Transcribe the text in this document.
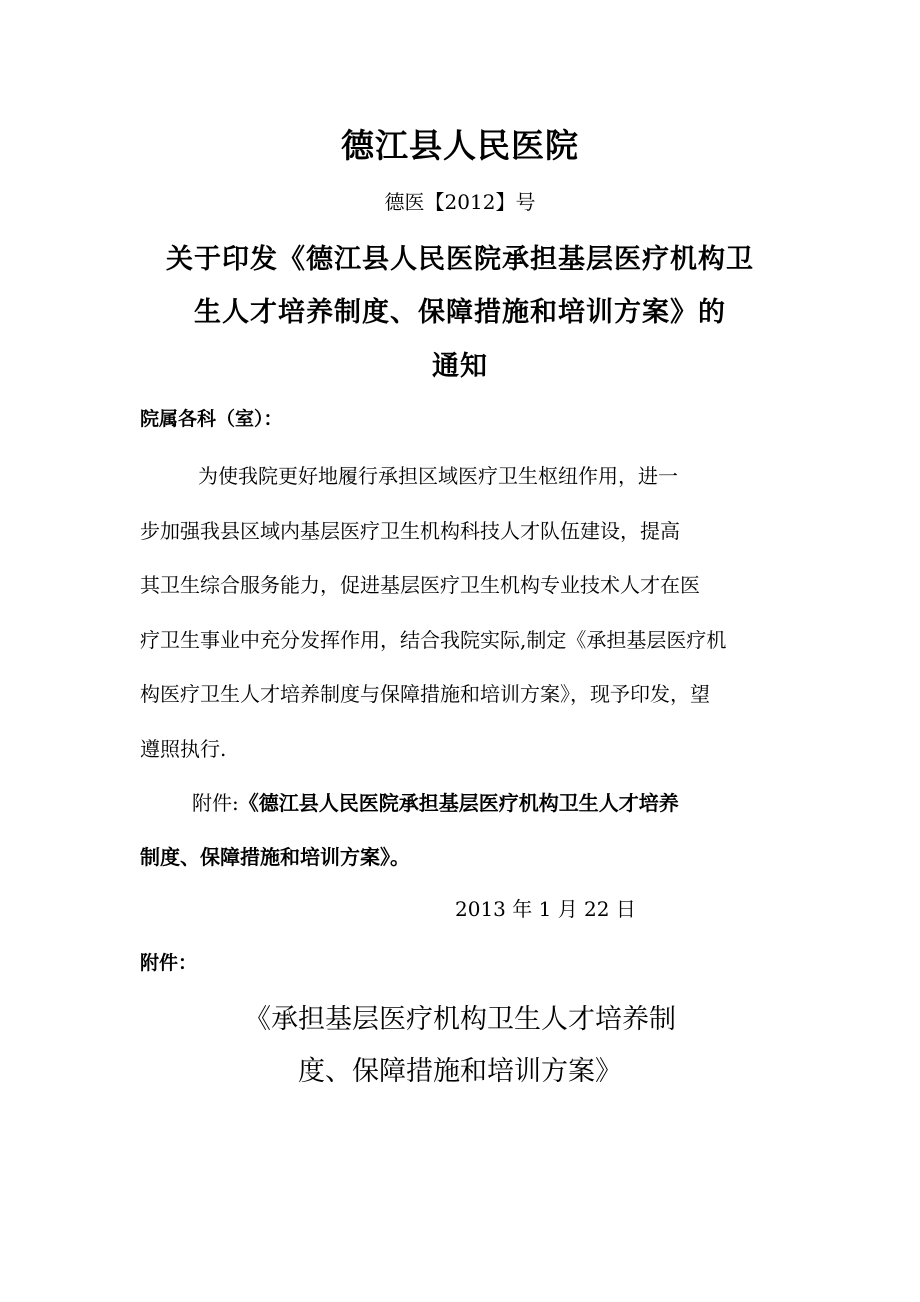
德江县人民医院
德医【2012】号
关于印发《德江县人民医院承担基层医疗机构卫
生人才培养制度、保障措施和培训方案》的
通知
院属各科（室）：
为使我院更好地履行承担区域医疗卫生枢纽作用，进一
步加强我县区域内基层医疗卫生机构科技人才队伍建设，提高
其卫生综合服务能力，促进基层医疗卫生机构专业技术人才在医
疗卫生事业中充分发挥作用，结合我院实际,制定《承担基层医疗机
构医疗卫生人才培养制度与保障措施和培训方案》，现予印发，望
遵照执行.
附件:《德江县人民医院承担基层医疗机构卫生人才培养
制度、保障措施和培训方案》。
2013 年 1 月 22 日
附件：
《承担基层医疗机构卫生人才培养制
度、保障措施和培训方案》
